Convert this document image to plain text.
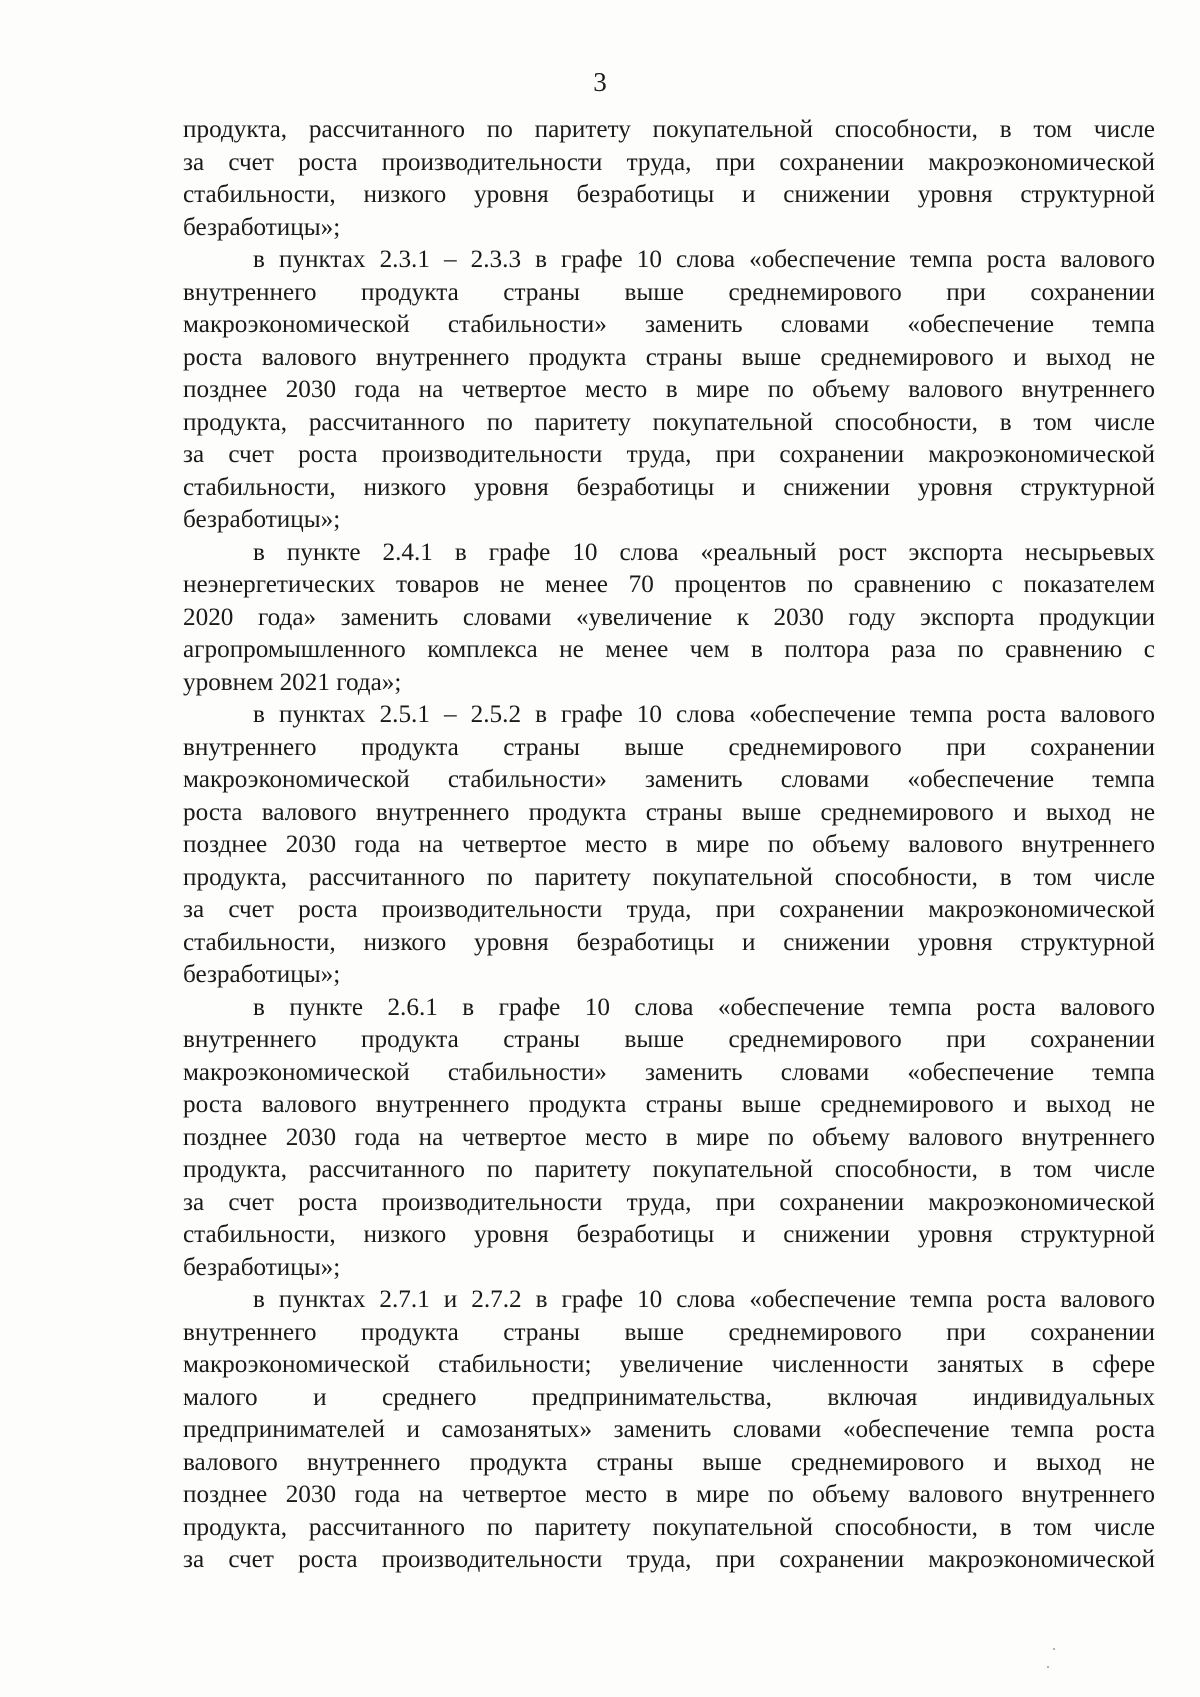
3
продукта, рассчитанного по паритету покупательной способности, в том числе
за счет роста производительности труда, при сохранении макроэкономической
стабильности, низкого уровня безработицы и снижении уровня структурной
безработицы»;
в пунктах 2.3.1 – 2.3.3 в графе 10 слова «обеспечение темпа роста валового
внутреннего продукта страны выше среднемирового при сохранении
макроэкономической стабильности» заменить словами «обеспечение темпа
роста валового внутреннего продукта страны выше среднемирового и выход не
позднее 2030 года на четвертое место в мире по объему валового внутреннего
продукта, рассчитанного по паритету покупательной способности, в том числе
за счет роста производительности труда, при сохранении макроэкономической
стабильности, низкого уровня безработицы и снижении уровня структурной
безработицы»;
в пункте 2.4.1 в графе 10 слова «реальный рост экспорта несырьевых
неэнергетических товаров не менее 70 процентов по сравнению с показателем
2020 года» заменить словами «увеличение к 2030 году экспорта продукции
агропромышленного комплекса не менее чем в полтора раза по сравнению с
уровнем 2021 года»;
в пунктах 2.5.1 – 2.5.2 в графе 10 слова «обеспечение темпа роста валового
внутреннего продукта страны выше среднемирового при сохранении
макроэкономической стабильности» заменить словами «обеспечение темпа
роста валового внутреннего продукта страны выше среднемирового и выход не
позднее 2030 года на четвертое место в мире по объему валового внутреннего
продукта, рассчитанного по паритету покупательной способности, в том числе
за счет роста производительности труда, при сохранении макроэкономической
стабильности, низкого уровня безработицы и снижении уровня структурной
безработицы»;
в пункте 2.6.1 в графе 10 слова «обеспечение темпа роста валового
внутреннего продукта страны выше среднемирового при сохранении
макроэкономической стабильности» заменить словами «обеспечение темпа
роста валового внутреннего продукта страны выше среднемирового и выход не
позднее 2030 года на четвертое место в мире по объему валового внутреннего
продукта, рассчитанного по паритету покупательной способности, в том числе
за счет роста производительности труда, при сохранении макроэкономической
стабильности, низкого уровня безработицы и снижении уровня структурной
безработицы»;
в пунктах 2.7.1 и 2.7.2 в графе 10 слова «обеспечение темпа роста валового
внутреннего продукта страны выше среднемирового при сохранении
макроэкономической стабильности; увеличение численности занятых в сфере
малого и среднего предпринимательства, включая индивидуальных
предпринимателей и самозанятых» заменить словами «обеспечение темпа роста
валового внутреннего продукта страны выше среднемирового и выход не
позднее 2030 года на четвертое место в мире по объему валового внутреннего
продукта, рассчитанного по паритету покупательной способности, в том числе
за счет роста производительности труда, при сохранении макроэкономической
